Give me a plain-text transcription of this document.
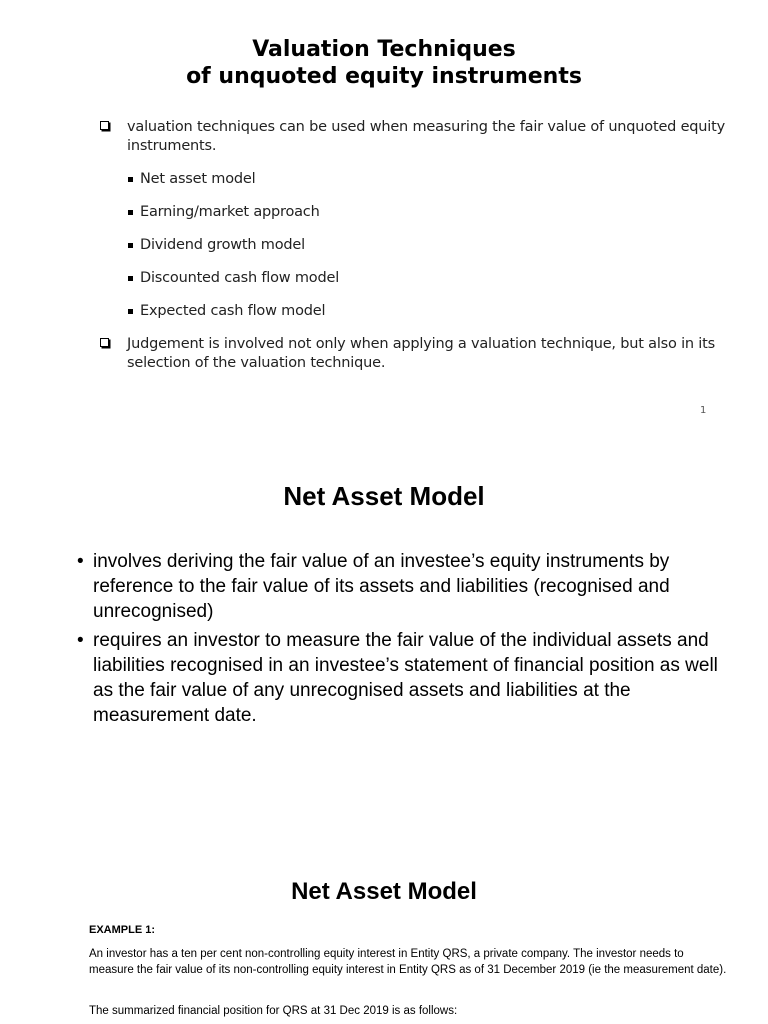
Valuation Techniques
of unquoted equity instruments
valuation techniques can be used when measuring the fair value of unquoted equity instruments.
Net asset model
Earning/market approach
Dividend growth model
Discounted cash flow model
Expected cash flow model
Judgement is involved not only when applying a valuation technique, but also in its selection of the valuation technique.
1
Net Asset Model
• involves deriving the fair value of an investee’s equity instruments by reference to the fair value of its assets and liabilities (recognised and unrecognised)
• requires an investor to measure the fair value of the individual assets and liabilities recognised in an investee’s statement of financial position as well as the fair value of any unrecognised assets and liabilities at the measurement date.
Net Asset Model
EXAMPLE 1:

An investor has a ten per cent non-controlling equity interest in Entity QRS, a private company. The investor needs to measure the fair value of its non-controlling equity interest in Entity QRS as of 31 December 2019 (ie the measurement date).

The summarized financial position for QRS at 31 Dec 2019 is as follows:
